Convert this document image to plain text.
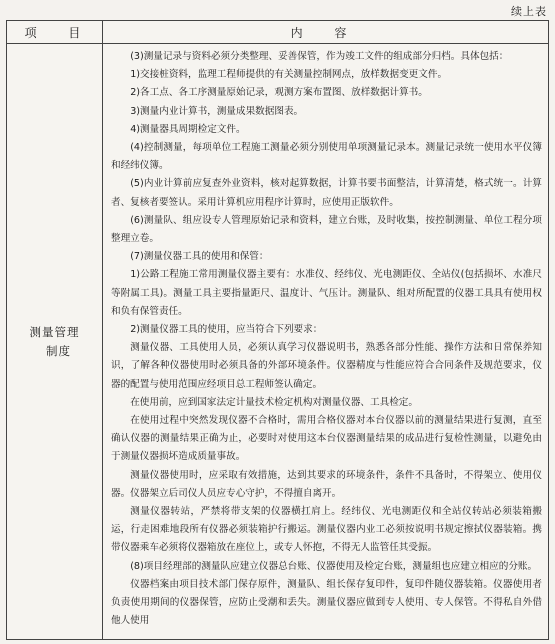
续上表
项 目	内 容
测量管理
制度

(3)测量记录与资料必须分类整理、妥善保管，作为竣工文件的组成部分归档。具体包括：

1)交接桩资料，监理工程师提供的有关测量控制网点，放样数据变更文件。

2)各工点、各工序测量原始记录，观测方案布置图、放样数据计算书。

3)测量内业计算书，测量成果数据图表。

4)测量器具周期检定文件。

(4)控制测量，每项单位工程施工测量必须分别使用单项测量记录本。测量记录统一使用水平仪簿和经纬仪簿。

(5)内业计算前应复查外业资料，核对起算数据，计算书要书面整洁，计算清楚，格式统一。计算者、复核者要签认。采用计算机应用程序计算时，应使用正版软件。

(6)测量队、组应设专人管理原始记录和资料，建立台账，及时收集，按控制测量、单位工程分项整理立卷。

(7)测量仪器工具的使用和保管：

1)公路工程施工常用测量仪器主要有：水准仪、经纬仪、光电测距仪、全站仪(包括损坏、水准尺等附属工具)。测量工具主要指量距尺、温度计、气压计。测量队、组对所配置的仪器工具具有使用权和负有保管责任。

2)测量仪器工具的使用，应当符合下列要求：

测量仪器、工具使用人员，必须认真学习仪器说明书，熟悉各部分性能、操作方法和日常保养知识，了解各种仪器使用时必须具备的外部环境条件。仪器精度与性能应符合合同条件及规范要求，仪器的配置与使用范围应经项目总工程师签认确定。

在使用前，应到国家法定计量技术检定机构对测量仪器、工具检定。

在使用过程中突然发现仪器不合格时，需用合格仪器对本台仪器以前的测量结果进行复测，直至确认仪器的测量结果正确为止，必要时对使用这本台仪器测量结果的成品进行复检性测量，以避免由于测量仪器损坏造成质量事故。

测量仪器使用时，应采取有效措施，达到其要求的环境条件，条件不具备时，不得架立、使用仪器。仪器架立后司仪人员应专心守护，不得擅自离开。

测量仪器转站，严禁将带支架的仪器横扛肩上。经纬仪、光电测距仪和全站仪转站必须装箱搬运，行走困难地段所有仪器必须装箱护行搬运。测量仪器内业工必须按说明书规定擦拭仪器装箱。携带仪器乘车必须将仪器箱放在座位上，或专人怀抱，不得无人监管任其受振。

(8)项目经理部的测量队应建立仪器总台账、仪器使用及检定台账，测量组也应建立相应的分账。

仪器档案由项目技术部门保存原件，测量队、组长保存复印件，复印件随仪器装箱。仪器使用者负责使用期间的仪器保管，应防止受潮和丢失。测量仪器应做到专人使用、专人保管。不得私自外借他人使用
